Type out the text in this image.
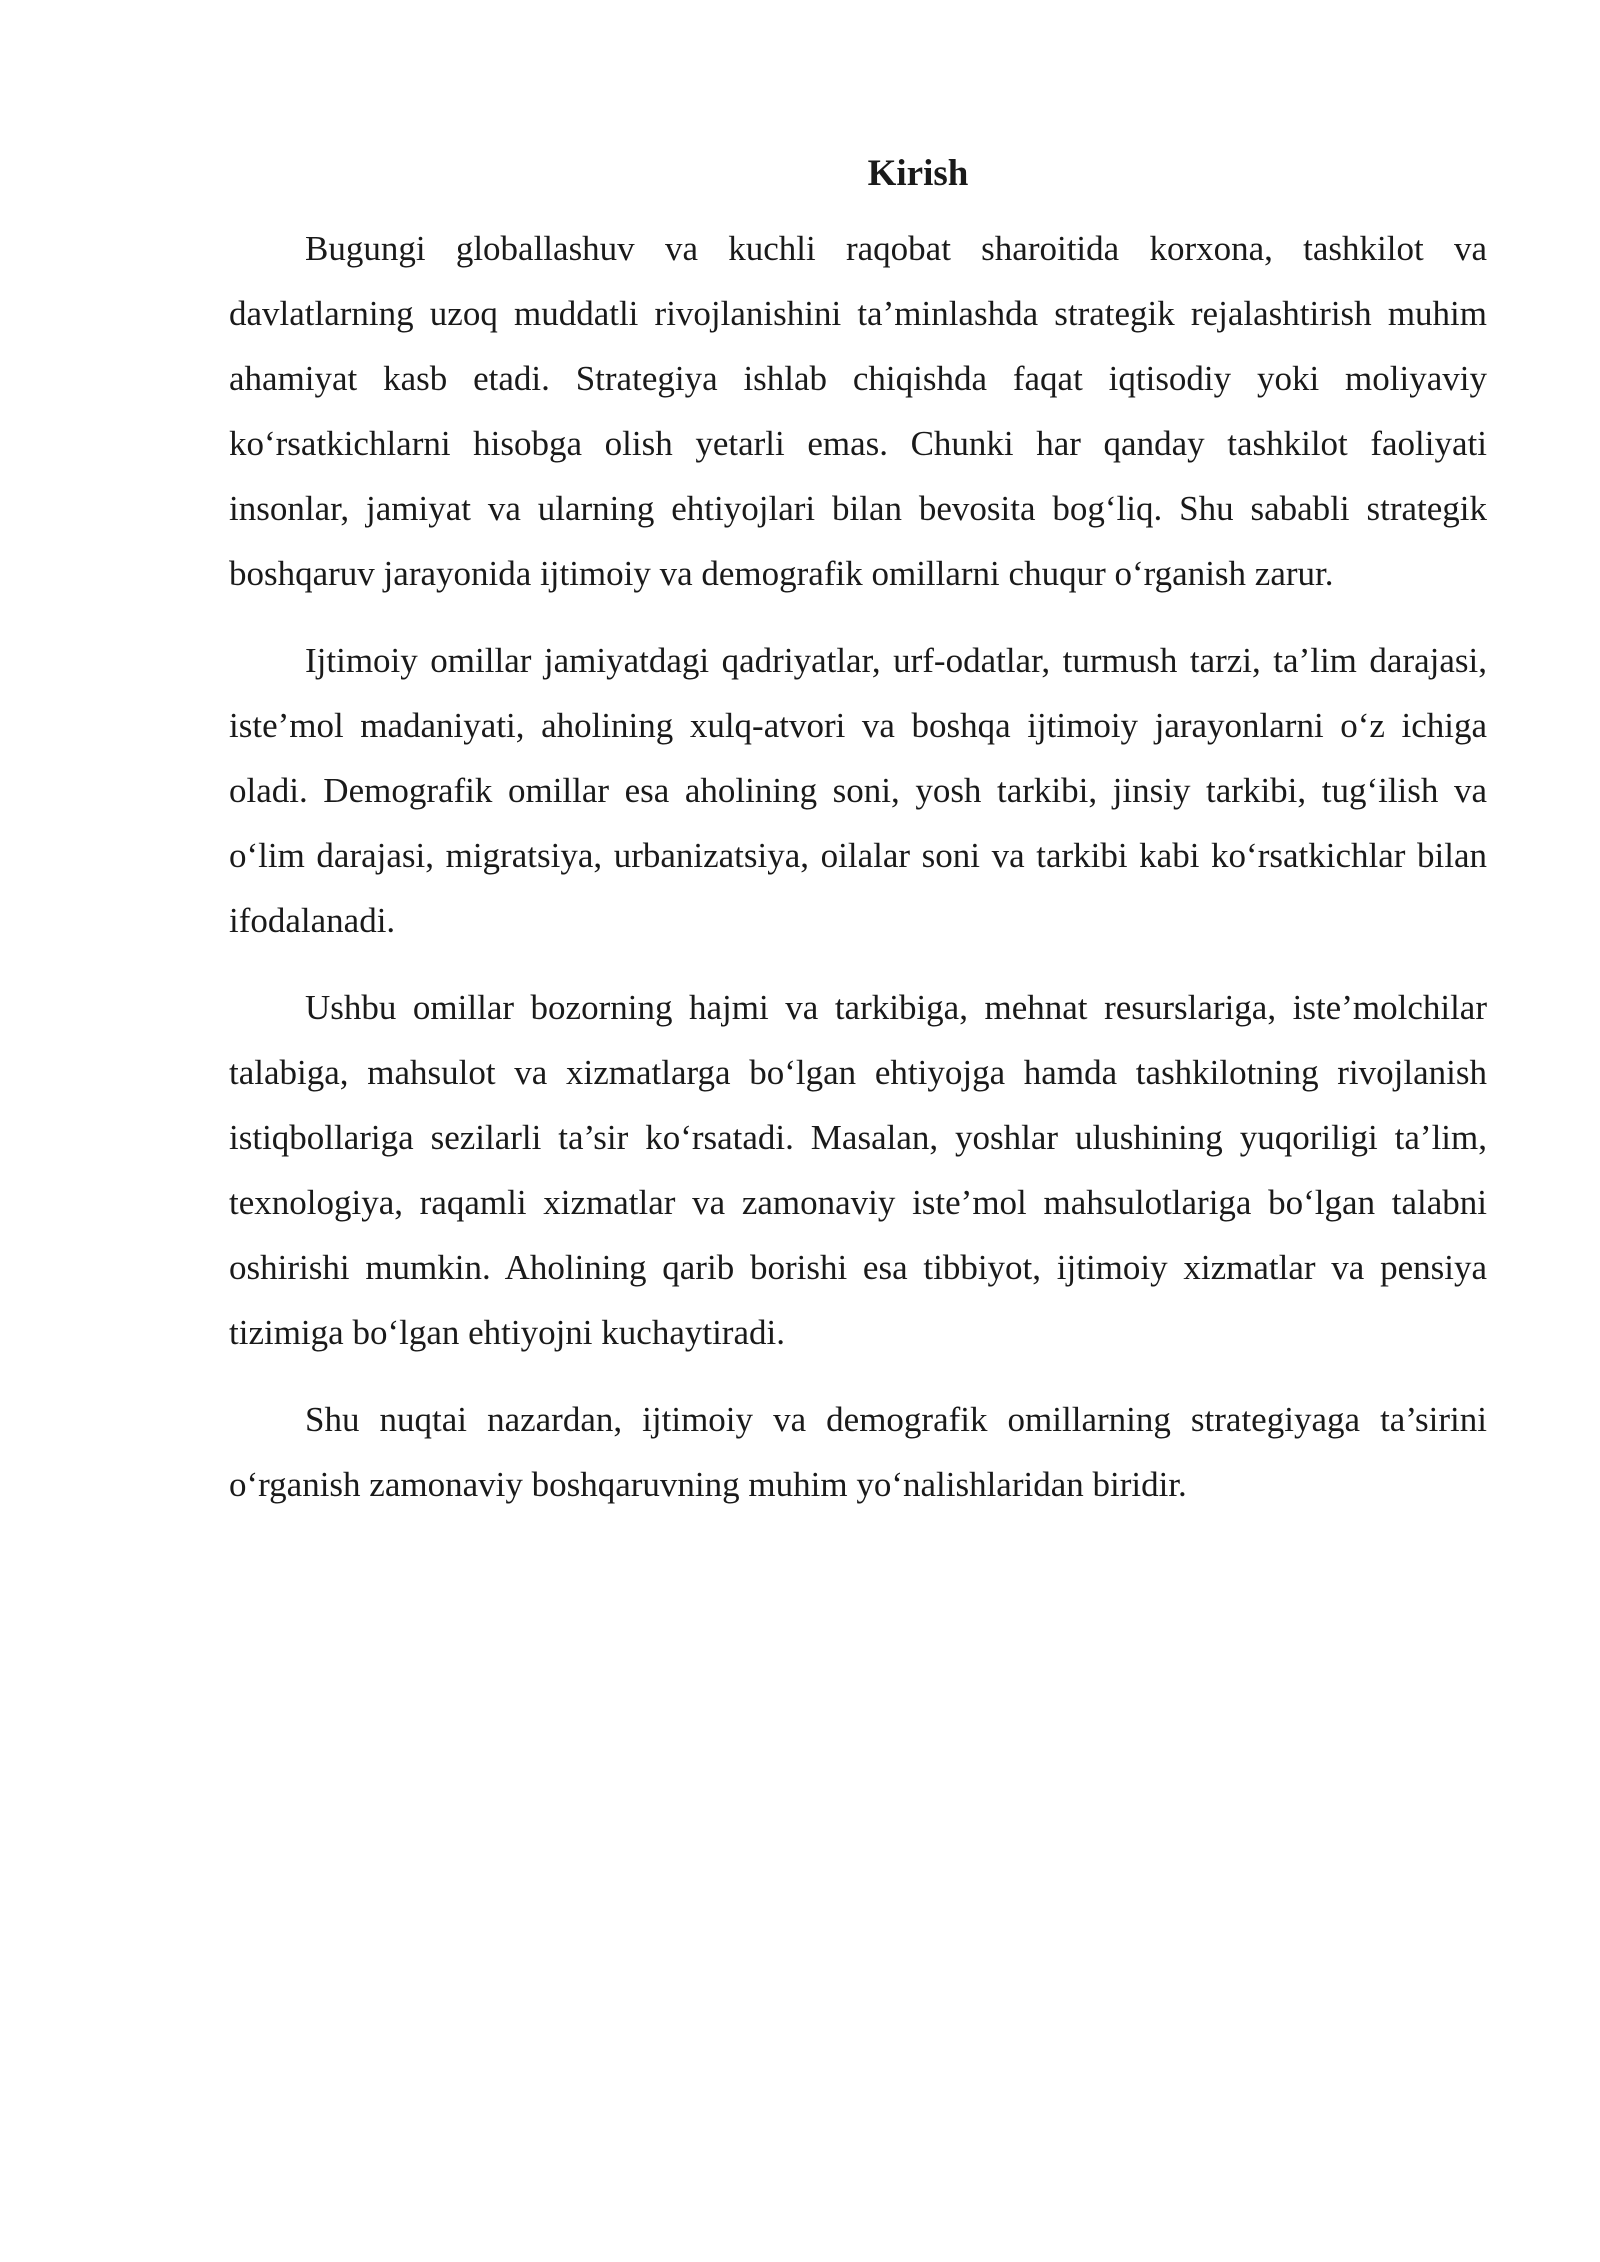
Kirish

Bugungi globallashuv va kuchli raqobat sharoitida korxona, tashkilot va davlatlarning uzoq muddatli rivojlanishini ta’minlashda strategik rejalashtirish muhim ahamiyat kasb etadi. Strategiya ishlab chiqishda faqat iqtisodiy yoki moliyaviy ko‘rsatkichlarni hisobga olish yetarli emas. Chunki har qanday tashkilot faoliyati insonlar, jamiyat va ularning ehtiyojlari bilan bevosita bog‘liq. Shu sababli strategik boshqaruv jarayonida ijtimoiy va demografik omillarni chuqur o‘rganish zarur.

Ijtimoiy omillar jamiyatdagi qadriyatlar, urf-odatlar, turmush tarzi, ta’lim darajasi, iste’mol madaniyati, aholining xulq-atvori va boshqa ijtimoiy jarayonlarni o‘z ichiga oladi. Demografik omillar esa aholining soni, yosh tarkibi, jinsiy tarkibi, tug‘ilish va o‘lim darajasi, migratsiya, urbanizatsiya, oilalar soni va tarkibi kabi ko‘rsatkichlar bilan ifodalanadi.

Ushbu omillar bozorning hajmi va tarkibiga, mehnat resurslariga, iste’molchilar talabiga, mahsulot va xizmatlarga bo‘lgan ehtiyojga hamda tashkilotning rivojlanish istiqbollariga sezilarli ta’sir ko‘rsatadi. Masalan, yoshlar ulushining yuqoriligi ta’lim, texnologiya, raqamli xizmatlar va zamonaviy iste’mol mahsulotlariga bo‘lgan talabni oshirishi mumkin. Aholining qarib borishi esa tibbiyot, ijtimoiy xizmatlar va pensiya tizimiga bo‘lgan ehtiyojni kuchaytiradi.

Shu nuqtai nazardan, ijtimoiy va demografik omillarning strategiyaga ta’sirini o‘rganish zamonaviy boshqaruvning muhim yo‘nalishlaridan biridir.
